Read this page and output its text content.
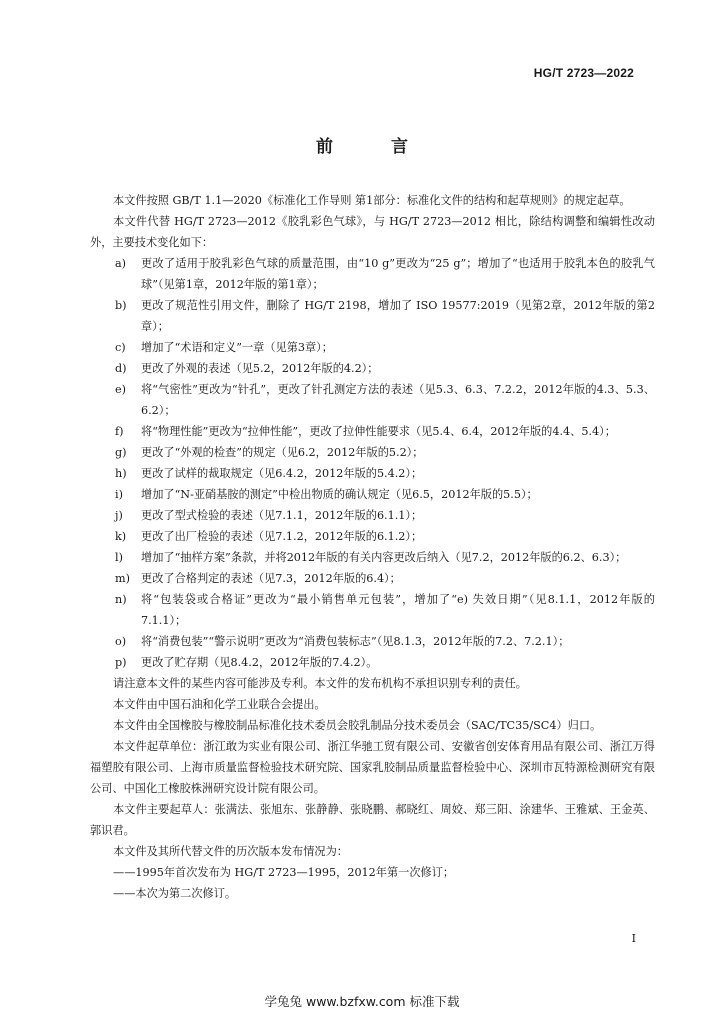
HG/T 2723—2022
前 言

本文件按照 GB/T 1.1—2020《标准化工作导则 第1部分：标准化文件的结构和起草规则》的规定起草。

本文件代替 HG/T 2723—2012《胶乳彩色气球》，与 HG/T 2723—2012 相比，除结构调整和编辑性改动外，主要技术变化如下：

a)	更改了适用于胶乳彩色气球的质量范围，由“10 g”更改为“25 g”；增加了“也适用于胶乳本色的胶乳气球”（见第1章，2012年版的第1章）；
b)	更改了规范性引用文件，删除了 HG/T 2198，增加了 ISO 19577:2019（见第2章，2012年版的第2章）；
c)	增加了“术语和定义”一章（见第3章）；
d)	更改了外观的表述（见5.2，2012年版的4.2）；
e)	将“气密性”更改为“针孔”，更改了针孔测定方法的表述（见5.3、6.3、7.2.2，2012年版的4.3、5.3、6.2）；
f)	将“物理性能”更改为“拉伸性能”，更改了拉伸性能要求（见5.4、6.4，2012年版的4.4、5.4）；
g)	更改了“外观的检查”的规定（见6.2，2012年版的5.2）；
h)	更改了试样的裁取规定（见6.4.2，2012年版的5.4.2）；
i)	增加了“N-亚硝基胺的测定”中检出物质的确认规定（见6.5，2012年版的5.5）；
j)	更改了型式检验的表述（见7.1.1，2012年版的6.1.1）；
k)	更改了出厂检验的表述（见7.1.2，2012年版的6.1.2）；
l)	增加了“抽样方案”条款，并将2012年版的有关内容更改后纳入（见7.2，2012年版的6.2、6.3）；
m) 更改了合格判定的表述（见7.3，2012年版的6.4）；
n)	将“包装袋或合格证”更改为“最小销售单元包装”，增加了“e) 失效日期”（见8.1.1，2012年版的7.1.1）；
o)	将“消费包装”“警示说明”更改为“消费包装标志”（见8.1.3，2012年版的7.2、7.2.1）；
p)	更改了贮存期（见8.4.2，2012年版的7.4.2）。

请注意本文件的某些内容可能涉及专利。本文件的发布机构不承担识别专利的责任。

本文件由中国石油和化学工业联合会提出。

本文件由全国橡胶与橡胶制品标准化技术委员会胶乳制品分技术委员会（SAC/TC35/SC4）归口。

本文件起草单位：浙江敢为实业有限公司、浙江华驰工贸有限公司、安徽省创安体育用品有限公司、浙江万得福塑胶有限公司、上海市质量监督检验技术研究院、国家乳胶制品质量监督检验中心、深圳市瓦特源检测研究有限公司、中国化工橡胶株洲研究设计院有限公司。

本文件主要起草人：张满法、张旭东、张静静、张晓鹏、郝晓红、周姣、郑三阳、涂建华、王雅斌、王金英、郭识君。

本文件及其所代替文件的历次版本发布情况为：

——1995年首次发布为 HG/T 2723—1995，2012年第一次修订；

——本次为第二次修订。

I
学兔兔 www.bzfxw.com 标准下载
